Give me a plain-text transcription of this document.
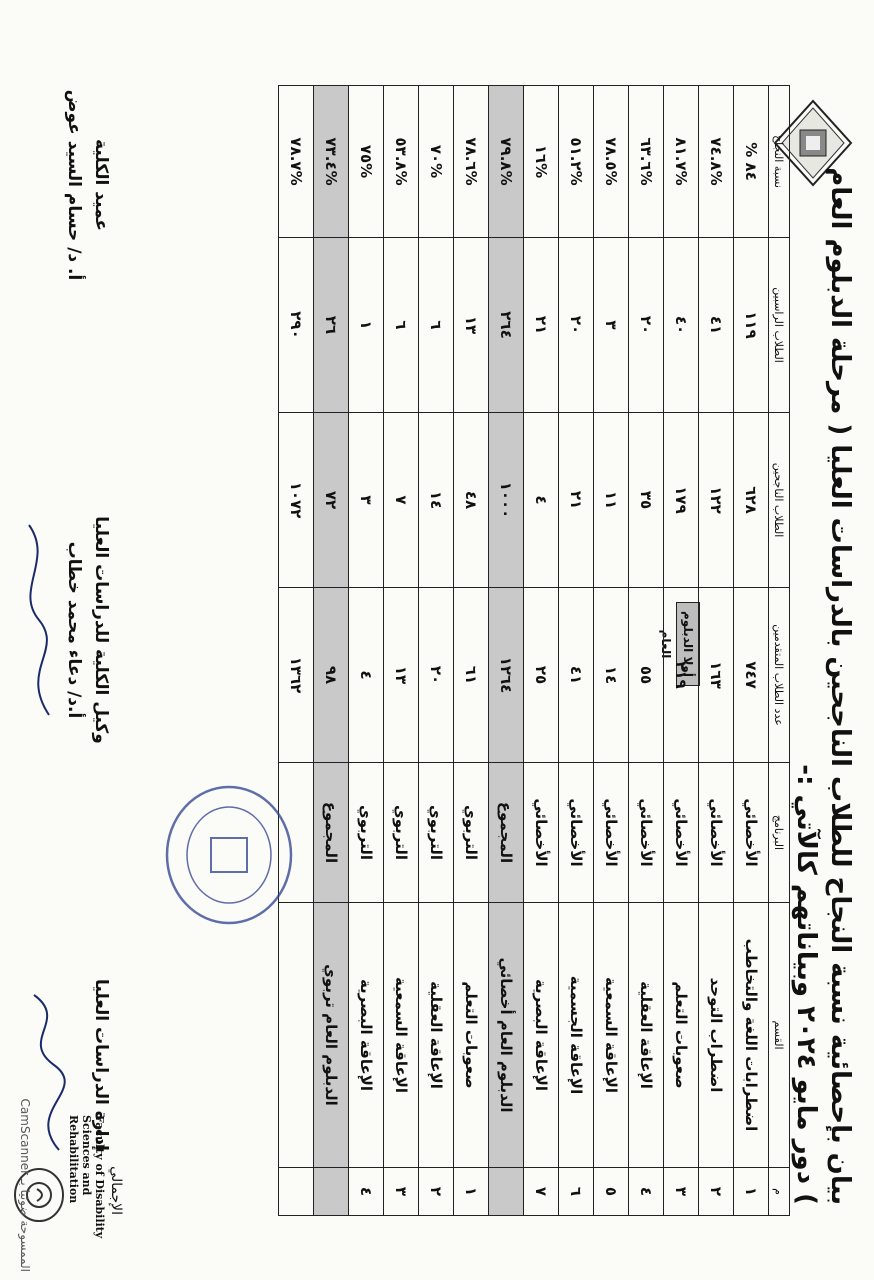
بيان بإحصائية نسبة النجاح للطلاب الناجحين بالدراسات العليا ( مرحلة الدبلوم العام ) دور مايو ٢٠٢٤ وبياناتهم كالآتي :-
Faculty of Disability
Sciences and Rehabilitation
أولا الدبلوم العام
م	القسم	البرنامج	عدد الطلاب المتقدمين	الطلاب الناجحين	الطلاب الراسبين	نسبة النجاح
١	اضطرابات اللغة والتخاطب	الأخصائي	٧٤٧	٦٢٨	١١٩	٨٤ %
٢	اضطراب التوحد	الأخصائي	١٦٣	١٢٢	٤١	%٧٤.٨
٣	صعوبات التعلم	الأخصائي	٢١٩	١٧٩	٤٠	%٨١.٧
٤	الإعاقة العقلية	الأخصائي	٥٥	٣٥	٢٠	%٦٣.٦
٥	الإعاقة السمعية	الأخصائي	١٤	١١	٣	%٧٨.٥
٦	الإعاقة الجسمية	الأخصائي	٤١	٢١	٢٠	%٥١.٢
٧	الإعاقة البصرية	الأخصائي	٢٥	٤	٢١	%١٦
	الدبلوم العام أخصائي	المجموع	١٢٦٤	١٠٠٠	٢٦٤	%٧٩.٨
١	صعوبات التعلم	التربوي	٦١	٤٨	١٣	%٧٨.٦
٢	الإعاقة العقلية	التربوي	٢٠	١٤	٦	%٧٠
٣	الإعاقة السمعية	التربوي	١٣	٧	٦	%٥٣.٨
٤	الإعاقة البصرية	التربوي	٤	٣	١	%٧٥
	الدبلوم العام تربوي	المجموع	٩٨	٧٢	٢٦	%٧٣.٤
			١٣٦٢	١٠٧٢	٢٩٠	%٧٨.٧
الإجمالي
إدارة الدراسات العليا
وكيل الكلية للدراسات العليا
أ.د/ دعاء محمد خطاب
عميد الكلية
أ. د/ حسام السيد عوض
CamScanner الممسوحة ضوئيا بـ
